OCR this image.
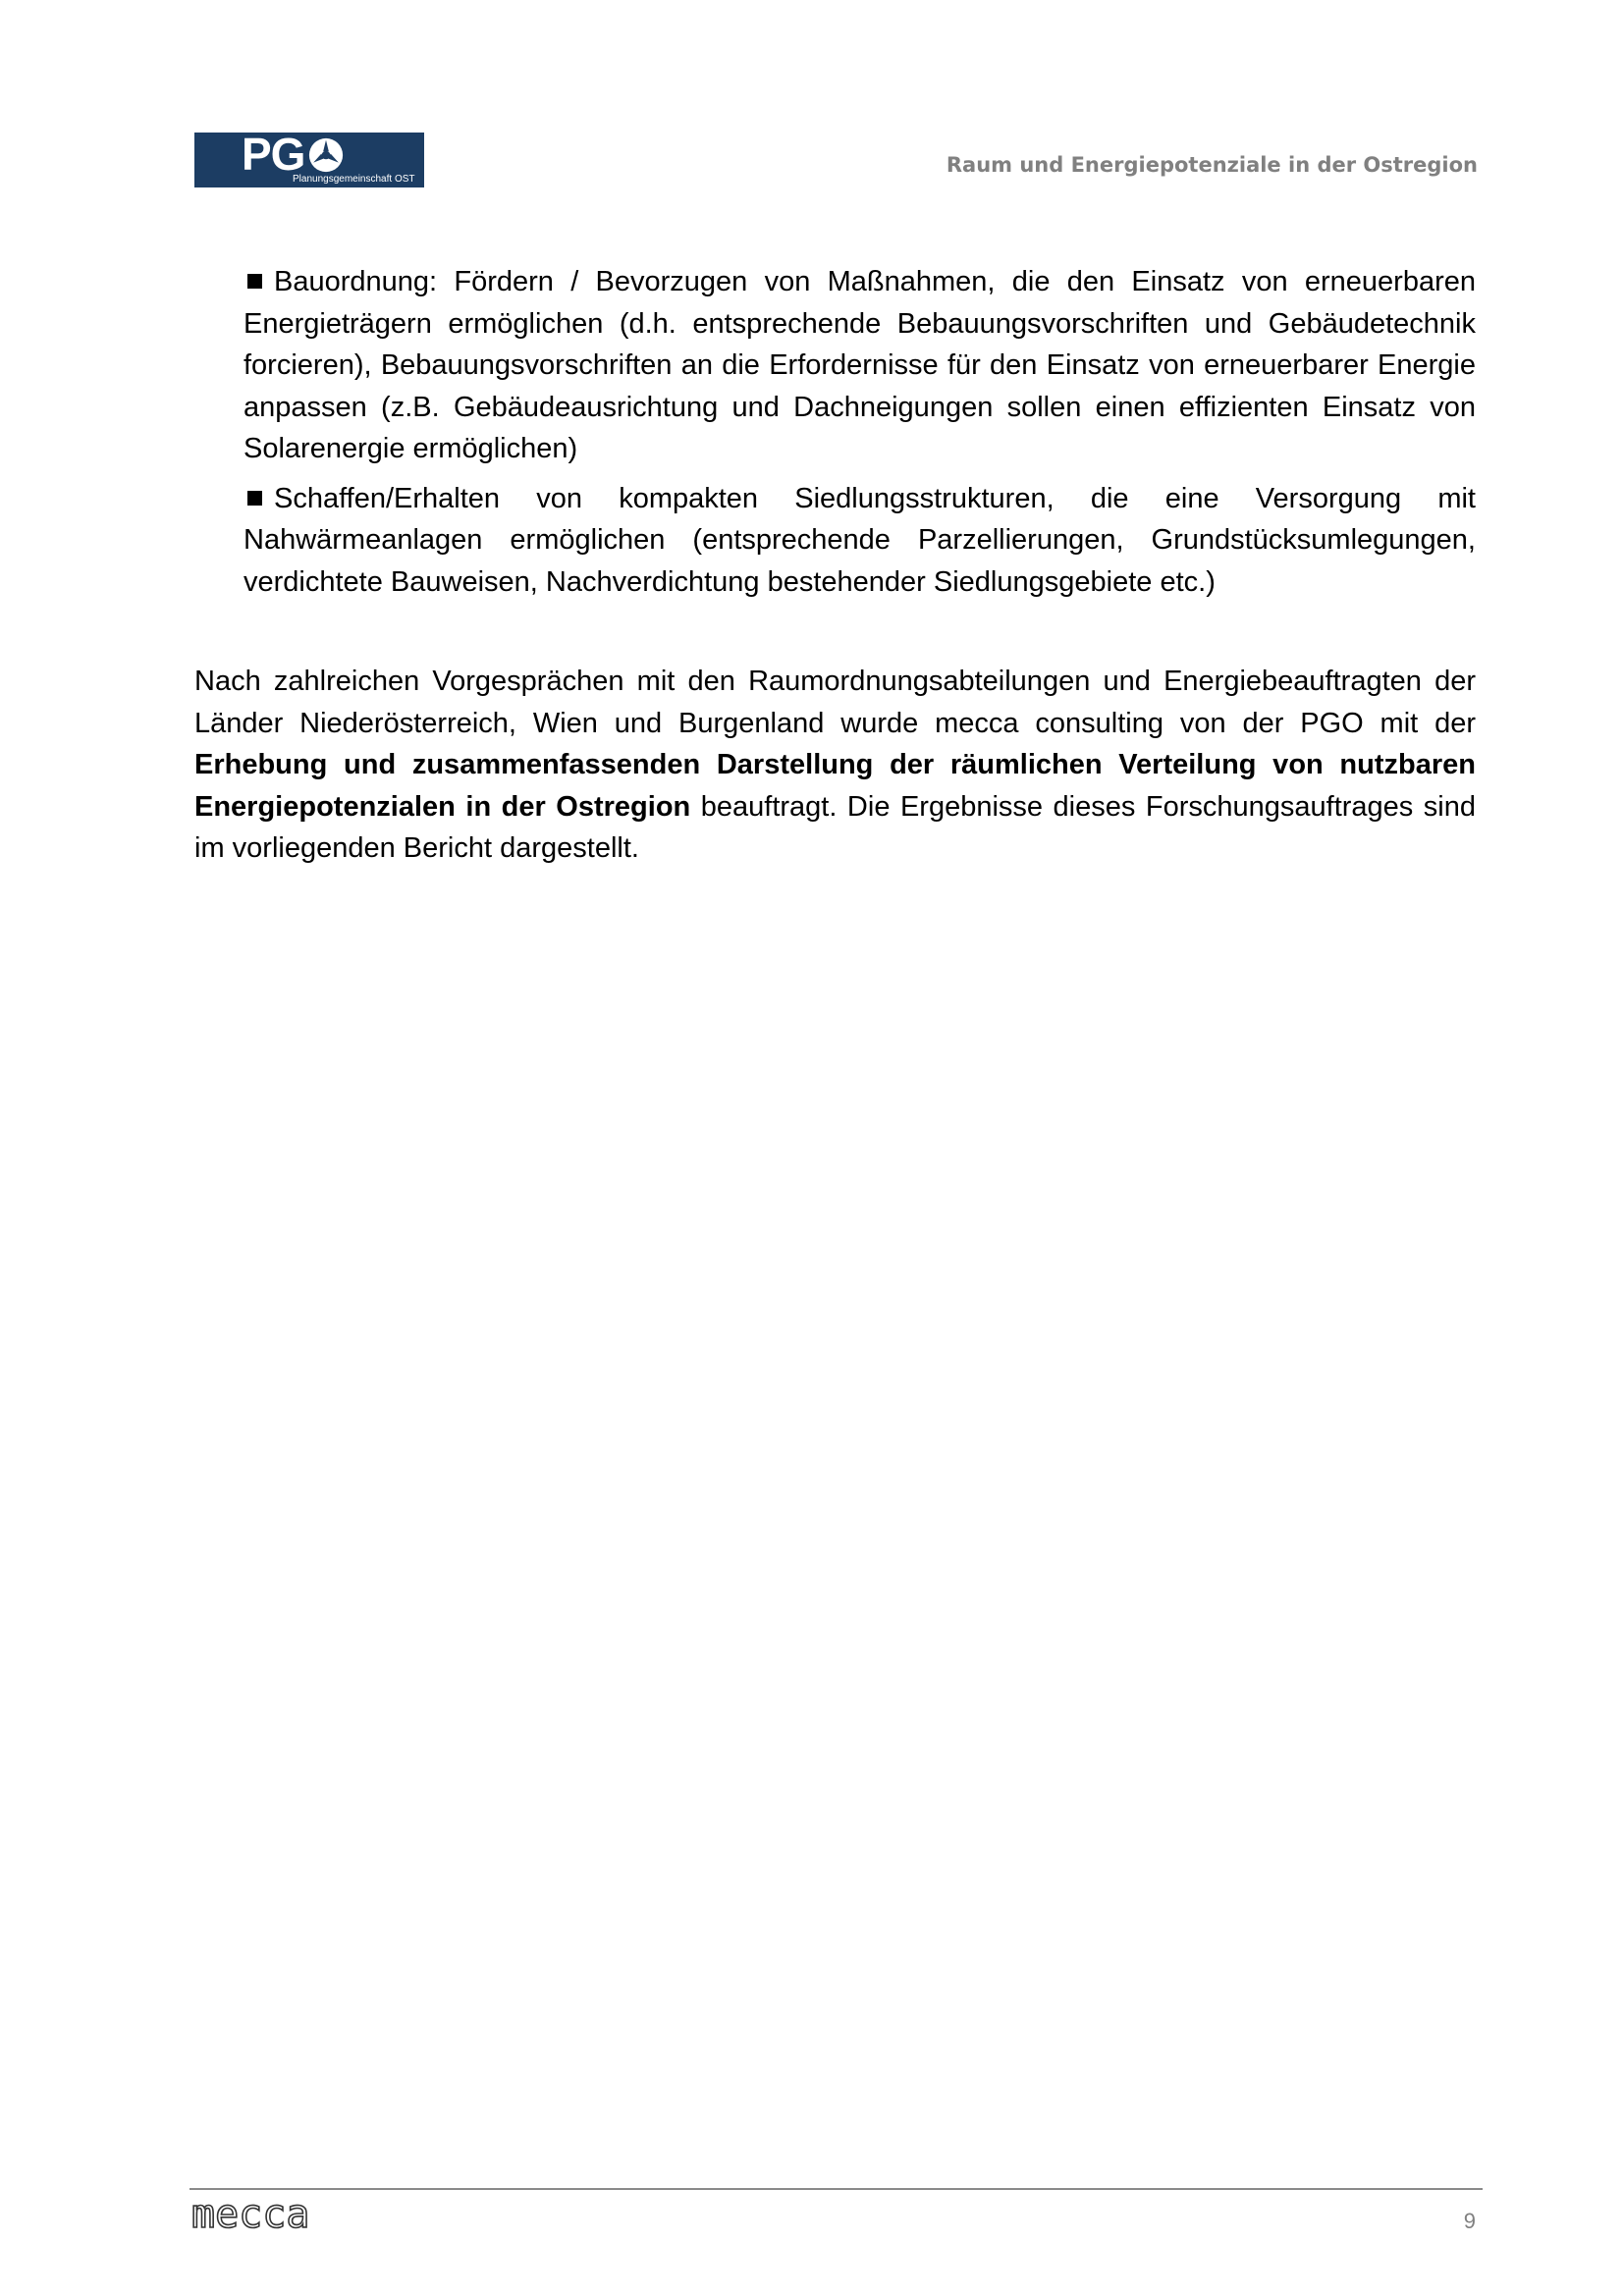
PG
Planungsgemeinschaft OST
Raum und Energiepotenziale in der Ostregion
Bauordnung: Fördern / Bevorzugen von Maßnahmen, die den Einsatz von erneuerbaren Energieträgern ermöglichen (d.h. entsprechende Bebauungsvorschriften und Gebäudetechnik forcieren), Bebauungsvorschriften an die Erfordernisse für den Einsatz von erneuerbarer Energie anpassen (z.B. Gebäudeausrichtung und Dachneigungen sollen einen effizienten Einsatz von Solarenergie ermöglichen)
Schaffen/Erhalten von kompakten Siedlungsstrukturen, die eine Versorgung mit Nahwärmeanlagen ermöglichen (entsprechende Parzellierungen, Grundstücksumlegungen, verdichtete Bauweisen, Nachverdichtung bestehender Siedlungsgebiete etc.)

Nach zahlreichen Vorgesprächen mit den Raumordnungsabteilungen und Energiebeauftragten der Länder Niederösterreich, Wien und Burgenland wurde mecca consulting von der PGO mit der Erhebung und zusammenfassenden Darstellung der räumlichen Verteilung von nutzbaren Energiepotenzialen in der Ostregion beauftragt. Die Ergebnisse dieses Forschungsauftrages sind im vorliegenden Bericht dargestellt.

mecca	9
